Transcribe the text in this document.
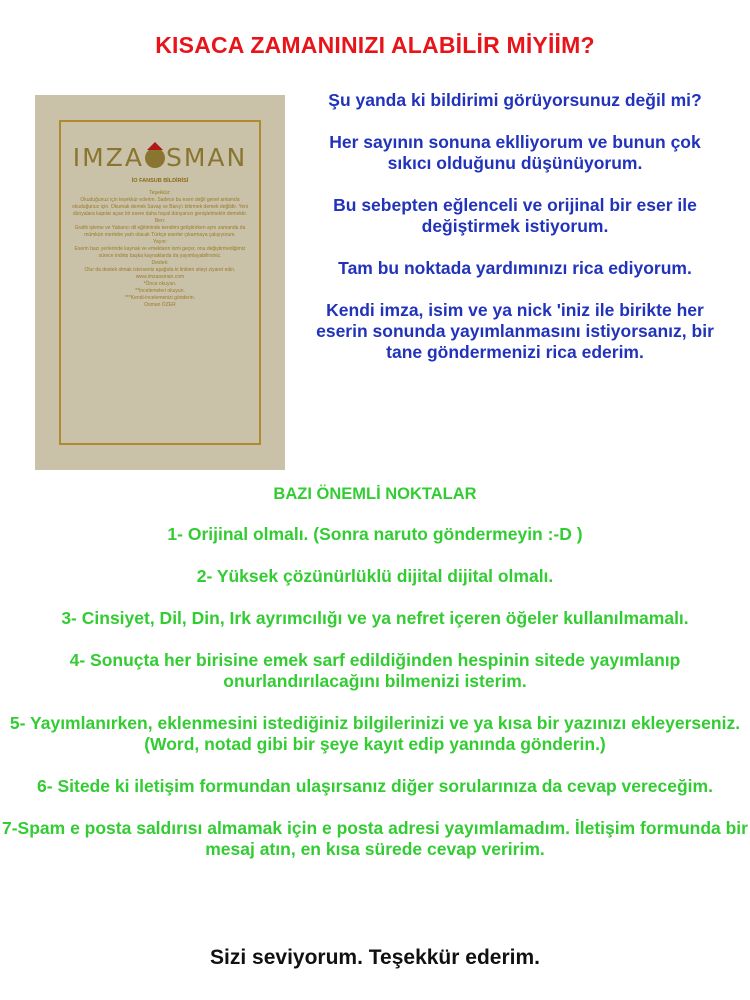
KISACA ZAMANINIZI ALABİLİR MİYİİM?
IMZA SMAN
İO FANSUB BİLDİRİSİ
Teşekkür:
Okuduğunuz için teşekkür ederim. Sadece bu eseri değil genel anlamda okuduğunuz için. Okumak demek Savaş ve Barış'ı bitirmek demek değildir. Yeni dünyalara kapılar açan bir esere daha hayal dünyanızı genişletmektir demektir.
Ben:
Grafik işleme ve Yabancı dil eğitiminde kendimi geliştirirken aynı zamanda da mümkün mertebe yarlı olacak Türkçe eserler çıkarmaya çalışıyorum.
Yayın:
Eserin bazı yerlerinde kaynak ve emektarın ismi geçer, onu değiştirmediğimiz sürece indirip başka kaynaklarda da yayımlayabilirsiniz.
Destek:
Olur da destek olmak isterseniz aşağıda ki linkten siteyi ziyaret edin.
www.imzaosman.com
*Önce okuyun.
**İncelemeleri okuyun.
***Kendi-incelemenizi gönderin.
Osman ÖZER

Şu yanda ki bildirimi görüyorsunuz değil mi?

Her sayının sonuna eklliyorum ve bunun çok sıkıcı olduğunu düşünüyorum.

Bu sebepten eğlenceli ve orijinal bir eser ile değiştirmek istiyorum.

Tam bu noktada yardımınızı rica ediyorum.

Kendi imza, isim ve ya nick 'iniz ile birikte her eserin sonunda yayımlanmasını istiyorsanız, bir tane göndermenizi rica ederim.

BAZI ÖNEMLİ NOKTALAR

1- Orijinal olmalı. (Sonra naruto göndermeyin :-D )

2- Yüksek çözünürlüklü dijital dijital olmalı.

3- Cinsiyet, Dil, Din, Irk ayrımcılığı ve ya nefret içeren öğeler kullanılmamalı.

4- Sonuçta her birisine emek sarf edildiğinden hespinin sitede yayımlanıp onurlandırılacağını bilmenizi isterim.

5- Yayımlanırken, eklenmesini istediğiniz bilgilerinizi ve ya kısa bir yazınızı ekleyerseniz. (Word, notad gibi bir şeye kayıt edip yanında gönderin.)

6- Sitede ki iletişim formundan ulaşırsanız diğer sorularınıza da cevap vereceğim.

7-Spam e posta saldırısı almamak için e posta adresi yayımlamadım. İletişim formunda bir mesaj atın, en kısa sürede cevap veririm.

Sizi seviyorum. Teşekkür ederim.
